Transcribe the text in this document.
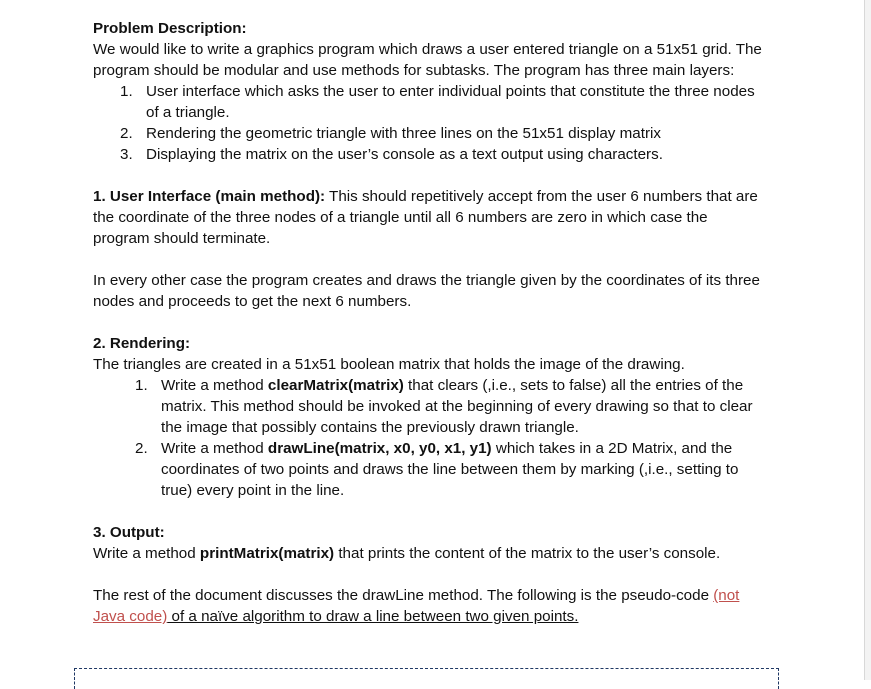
Problem Description:

We would like to write a graphics program which draws a user entered triangle on a 51x51 grid. The program should be modular and use methods for subtasks. The program has three main layers:

1. User interface which asks the user to enter individual points that constitute the three nodes of a triangle.
2. Rendering the geometric triangle with three lines on the 51x51 display matrix
3. Displaying the matrix on the user’s console as a text output using characters.

1. User Interface (main method): This should repetitively accept from the user 6 numbers that are the coordinate of the three nodes of a triangle until all 6 numbers are zero in which case the program should terminate.

In every other case the program creates and draws the triangle given by the coordinates of its three nodes and proceeds to get the next 6 numbers.

2. Rendering:

The triangles are created in a 51x51 boolean matrix that holds the image of the drawing.

1. Write a method clearMatrix(matrix) that clears (,i.e., sets to false) all the entries of the matrix. This method should be invoked at the beginning of every drawing so that to clear the image that possibly contains the previously drawn triangle.
2. Write a method drawLine(matrix, x0, y0, x1, y1) which takes in a 2D Matrix, and the coordinates of two points and draws the line between them by marking (,i.e., setting to true) every point in the line.

3. Output:

Write a method printMatrix(matrix) that prints the content of the matrix to the user’s console.

The rest of the document discusses the drawLine method. The following is the pseudo-code (not Java code) of a naïve algorithm to draw a line between two given points.
